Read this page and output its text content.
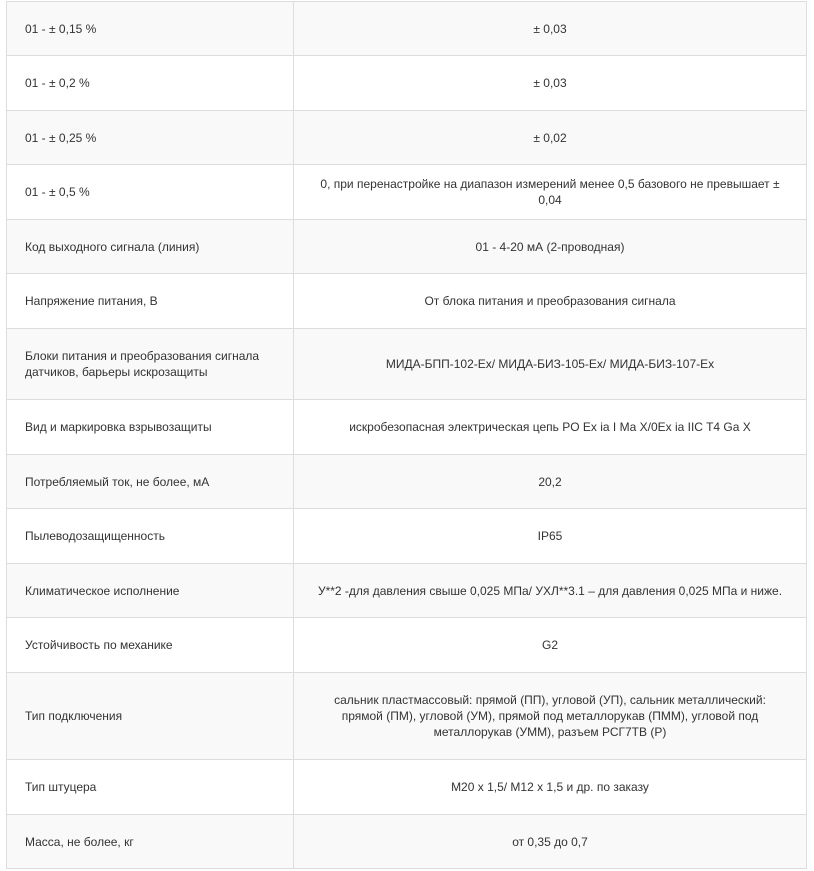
01 - ± 0,15 %	± 0,03
01 - ± 0,2 %	± 0,03
01 - ± 0,25 %	± 0,02
01 - ± 0,5 %	0, при перенастройке на диапазон измерений менее 0,5 базового не превышает ± 0,04
Код выходного сигнала (линия)	01 - 4-20 мА (2-проводная)
Напряжение питания, В	От блока питания и преобразования сигнала
Блоки питания и преобразования сигнала датчиков, барьеры искрозащиты	МИДА-БПП-102-Ex/ МИДА-БИЗ-105-Ex/ МИДА-БИЗ-107-Ex
Вид и маркировка взрывозащиты	искробезопасная электрическая цепь PO Ex ia I Ma X/0Ex ia IIC T4 Ga X
Потребляемый ток, не более, мА	20,2
Пылеводозащищенность	IP65
Климатическое исполнение	У**2 -для давления свыше 0,025 МПа/ УХЛ**3.1 – для давления 0,025 МПа и ниже.
Устойчивость по механике	G2
Тип подключения	сальник пластмассовый: прямой (ПП), угловой (УП), сальник металлический: прямой (ПМ), угловой (УМ), прямой под металлорукав (ПММ), угловой под металлорукав (УММ), разъем РСГ7ТВ (Р)
Тип штуцера	М20 х 1,5/ М12 х 1,5 и др. по заказу
Масса, не более, кг	от 0,35 до 0,7
